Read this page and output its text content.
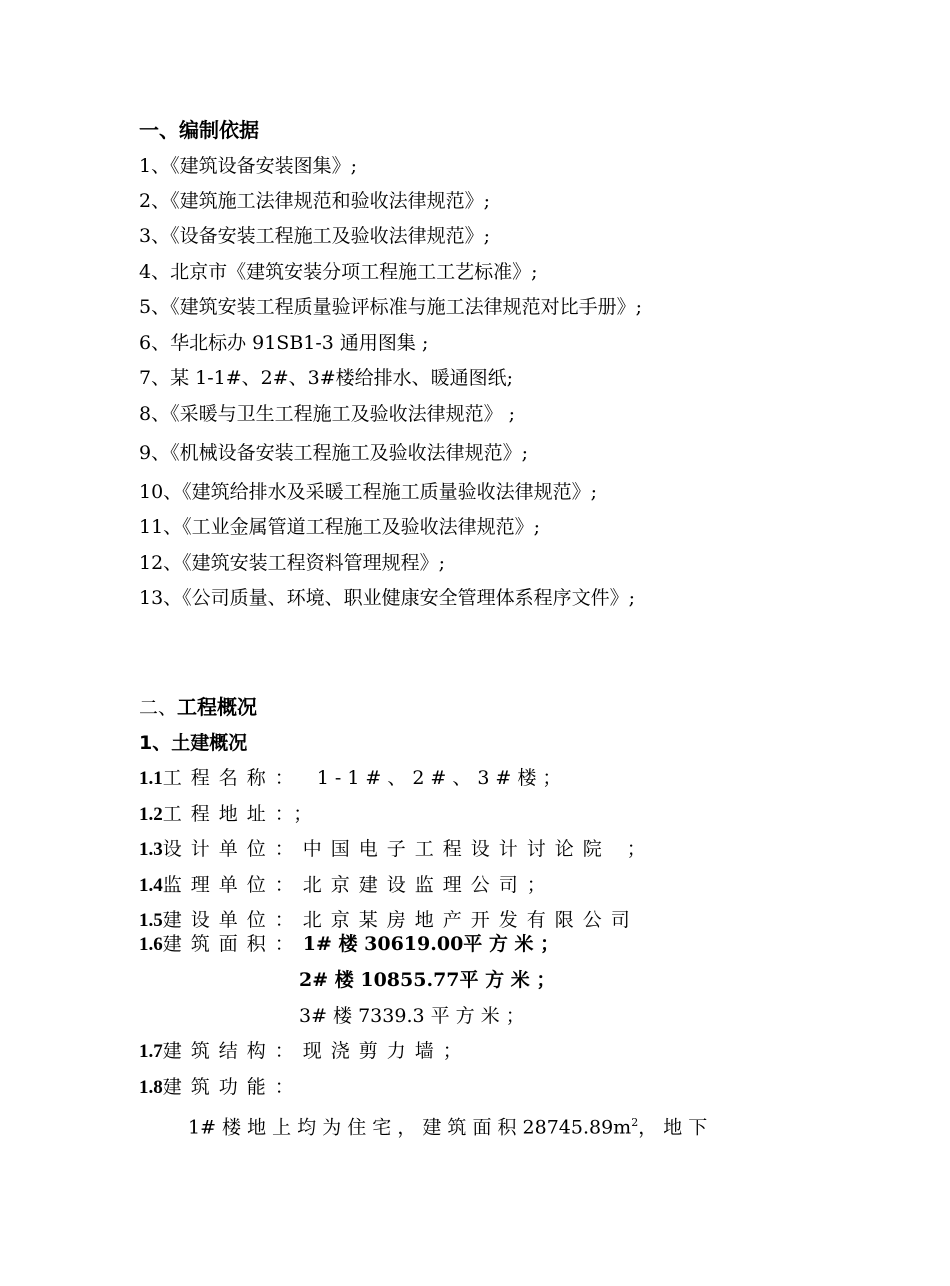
一、编制依据
1、《建筑设备安装图集》;
2、《建筑施工法律规范和验收法律规范》;
3、《设备安装工程施工及验收法律规范》;
4、北京市《建筑安装分项工程施工工艺标准》;
5、《建筑安装工程质量验评标准与施工法律规范对比手册》;
6、华北标办 91SB1-3 通用图集 ;
7、某 1-1#、2#、3#楼给排水、暖通图纸;
8、《采暖与卫生工程施工及验收法律规范》 ;
9、《机械设备安装工程施工及验收法律规范》;
10、《建筑给排水及采暖工程施工质量验收法律规范》;
11、《工业金属管道工程施工及验收法律规范》;
12、《建筑安装工程资料管理规程》;
13、《公司质量、环境、职业健康安全管理体系程序文件》;
二、工程概况
1、土建概况
1.1工程名称： 1-1#、2#、3#楼；
1.2工程地址：；
1.3设计单位：中国电子工程设计讨论院 ；
1.4监理单位：北京建设监理公司；
1.5建设单位：北京某房地产开发有限公司
1.6建筑面积：1# 楼 30619.00平 方 米 ；
2# 楼 10855.77平 方 米 ；
3# 楼 7339.3 平 方 米 ；
1.7建筑结构：现浇剪力墙；
1.8建筑功能：
1# 楼 地 上 均 为 住 宅 ， 建 筑 面 积 $28745.89m^2$， 地 下
